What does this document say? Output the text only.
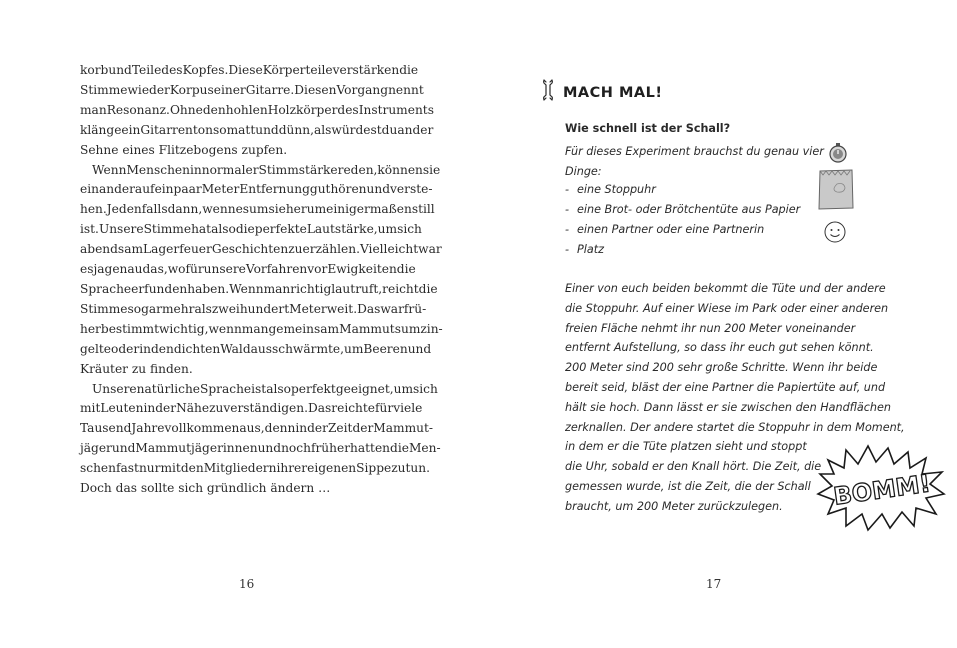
korb und Teile des Kopfes. Diese Körperteile verstärken die
Stimme wie der Korpus einer Gitarre. Diesen Vorgang nennt
man Resonanz. Ohne den hohlen Holzkörper des Instruments
klänge ein Gitarrenton so matt und dünn, als würdest du an der
Sehne eines Flitzebogens zupfen.
Wenn Menschen in normaler Stimmstärke reden, können sie
einander auf ein paar Meter Entfernung gut hören und verste-
hen. Jedenfalls dann, wenn es um sie herum einigermaßen still
ist. Unsere Stimme hat also die perfekte Lautstärke, um sich
abends am Lagerfeuer Geschichten zu erzählen. Vielleicht war
es ja genau das, wofür unsere Vorfahren vor Ewigkeiten die
Sprache erfunden haben. Wenn man richtig laut ruft, reicht die
Stimme sogar mehr als zweihundert Meter weit. Das war frü-
her bestimmt wichtig, wenn man gemeinsam Mammuts umzin-
gelte oder in den dichten Wald ausschwärmte, um Beeren und
Kräuter zu finden.
Unsere natürliche Sprache ist also perfekt geeignet, um sich
mit Leuten in der Nähe zu verständigen. Das reichte für viele
Tausend Jahre vollkommen aus, denn in der Zeit der Mammut-
jäger und Mammutjägerinnen und noch früher hatten die Men-
schen fast nur mit den Mitgliedern ihrer eigenen Sippe zu tun.
Doch das sollte sich gründlich ändern …
16
MACH MAL!
Wie schnell ist der Schall?
Für dieses Experiment brauchst du genau vier
Dinge:
- eine Stoppuhr
- eine Brot- oder Brötchentüte aus Papier
- einen Partner oder eine Partnerin
- Platz
Einer von euch beiden bekommt die Tüte und der andere
die Stoppuhr. Auf einer Wiese im Park oder einer anderen
freien Fläche nehmt ihr nun 200 Meter voneinander
entfernt Aufstellung, so dass ihr euch gut sehen könnt.
200 Meter sind 200 sehr große Schritte. Wenn ihr beide
bereit seid, bläst der eine Partner die Papiertüte auf, und
hält sie hoch. Dann lässt er sie zwischen den Handflächen
zerknallen. Der andere startet die Stoppuhr in dem Moment,
in dem er die Tüte platzen sieht und stoppt
die Uhr, sobald er den Knall hört. Die Zeit, die
gemessen wurde, ist die Zeit, die der Schall
braucht, um 200 Meter zurückzulegen.	BOMM!
17
